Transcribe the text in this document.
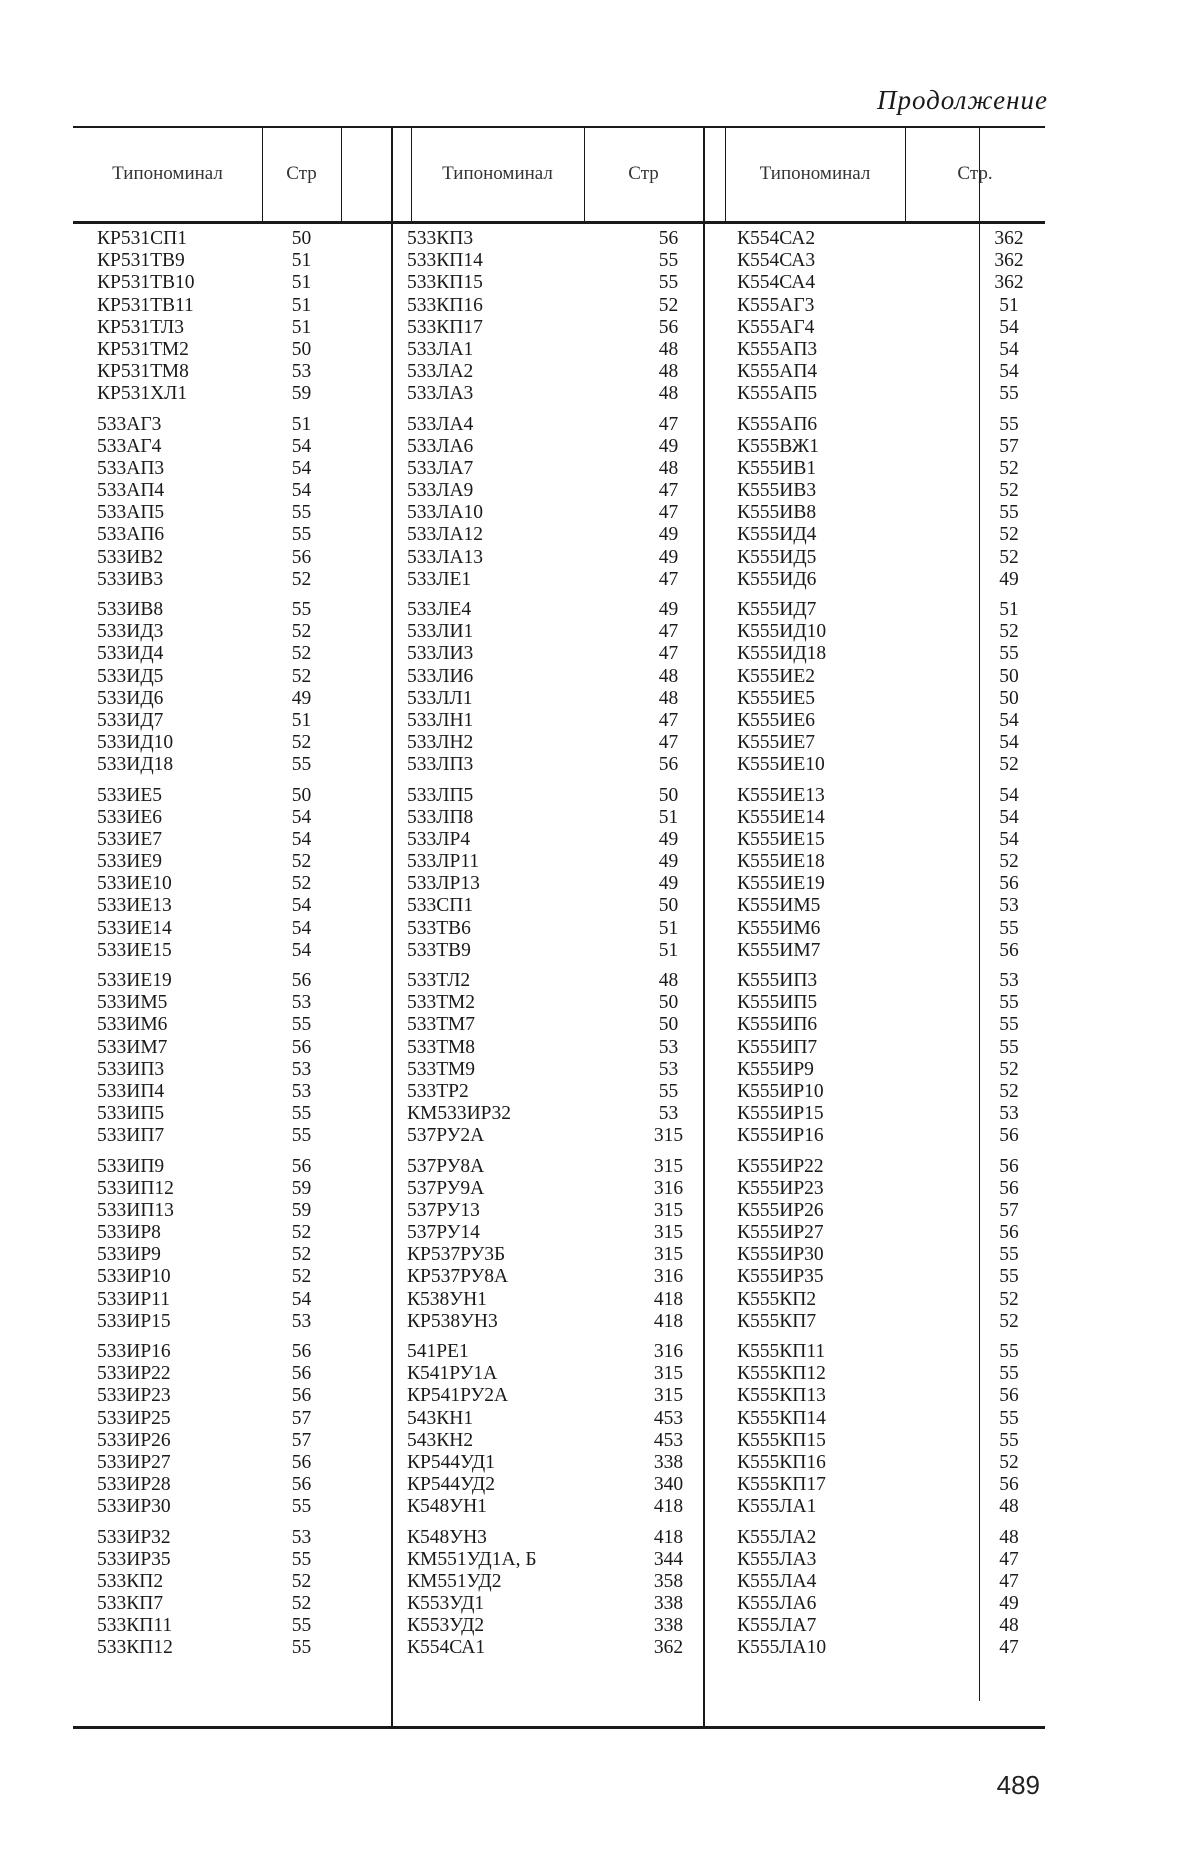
Продолжение
Типономинал	Стр	Типономинал	Стр	Типономинал	Стр.
КР531СП1	50	533КП3	56	К554СА2	362
КР531ТВ9	51	533КП14	55	К554СА3	362
КР531ТВ10	51	533КП15	55	К554СА4	362
КР531ТВ11	51	533КП16	52	К555АГ3	51
КР531ТЛ3	51	533КП17	56	К555АГ4	54
КР531ТМ2	50	533ЛА1	48	К555АП3	54
КР531ТМ8	53	533ЛА2	48	К555АП4	54
КР531ХЛ1	59	533ЛА3	48	К555АП5	55
533АГ3	51	533ЛА4	47	К555АП6	55
533АГ4	54	533ЛА6	49	К555ВЖ1	57
533АП3	54	533ЛА7	48	К555ИВ1	52
533АП4	54	533ЛА9	47	К555ИВ3	52
533АП5	55	533ЛА10	47	К555ИВ8	55
533АП6	55	533ЛА12	49	К555ИД4	52
533ИВ2	56	533ЛА13	49	К555ИД5	52
533ИВ3	52	533ЛЕ1	47	К555ИД6	49
533ИВ8	55	533ЛЕ4	49	К555ИД7	51
533ИД3	52	533ЛИ1	47	К555ИД10	52
533ИД4	52	533ЛИ3	47	К555ИД18	55
533ИД5	52	533ЛИ6	48	К555ИЕ2	50
533ИД6	49	533ЛЛ1	48	К555ИЕ5	50
533ИД7	51	533ЛН1	47	К555ИЕ6	54
533ИД10	52	533ЛН2	47	К555ИЕ7	54
533ИД18	55	533ЛП3	56	К555ИЕ10	52
533ИЕ5	50	533ЛП5	50	К555ИЕ13	54
533ИЕ6	54	533ЛП8	51	К555ИЕ14	54
533ИЕ7	54	533ЛР4	49	К555ИЕ15	54
533ИЕ9	52	533ЛР11	49	К555ИЕ18	52
533ИЕ10	52	533ЛР13	49	К555ИЕ19	56
533ИЕ13	54	533СП1	50	К555ИМ5	53
533ИЕ14	54	533ТВ6	51	К555ИМ6	55
533ИЕ15	54	533ТВ9	51	К555ИМ7	56
533ИЕ19	56	533ТЛ2	48	К555ИП3	53
533ИМ5	53	533ТМ2	50	К555ИП5	55
533ИМ6	55	533ТМ7	50	К555ИП6	55
533ИМ7	56	533ТМ8	53	К555ИП7	55
533ИП3	53	533ТМ9	53	К555ИР9	52
533ИП4	53	533ТР2	55	К555ИР10	52
533ИП5	55	КМ533ИР32	53	К555ИР15	53
533ИП7	55	537РУ2А	315	К555ИР16	56
533ИП9	56	537РУ8А	315	К555ИР22	56
533ИП12	59	537РУ9А	316	К555ИР23	56
533ИП13	59	537РУ13	315	К555ИР26	57
533ИР8	52	537РУ14	315	К555ИР27	56
533ИР9	52	КР537РУ3Б	315	К555ИР30	55
533ИР10	52	КР537РУ8А	316	К555ИР35	55
533ИР11	54	К538УН1	418	К555КП2	52
533ИР15	53	КР538УН3	418	К555КП7	52
533ИР16	56	541РЕ1	316	К555КП11	55
533ИР22	56	К541РУ1А	315	К555КП12	55
533ИР23	56	КР541РУ2А	315	К555КП13	56
533ИР25	57	543КН1	453	К555КП14	55
533ИР26	57	543КН2	453	К555КП15	55
533ИР27	56	КР544УД1	338	К555КП16	52
533ИР28	56	КР544УД2	340	К555КП17	56
533ИР30	55	К548УН1	418	К555ЛА1	48
533ИР32	53	К548УН3	418	К555ЛА2	48
533ИР35	55	КМ551УД1А, Б	344	К555ЛА3	47
533КП2	52	КМ551УД2	358	К555ЛА4	47
533КП7	52	К553УД1	338	К555ЛА6	49
533КП11	55	К553УД2	338	К555ЛА7	48
533КП12	55	К554СА1	362	К555ЛА10	47
489
